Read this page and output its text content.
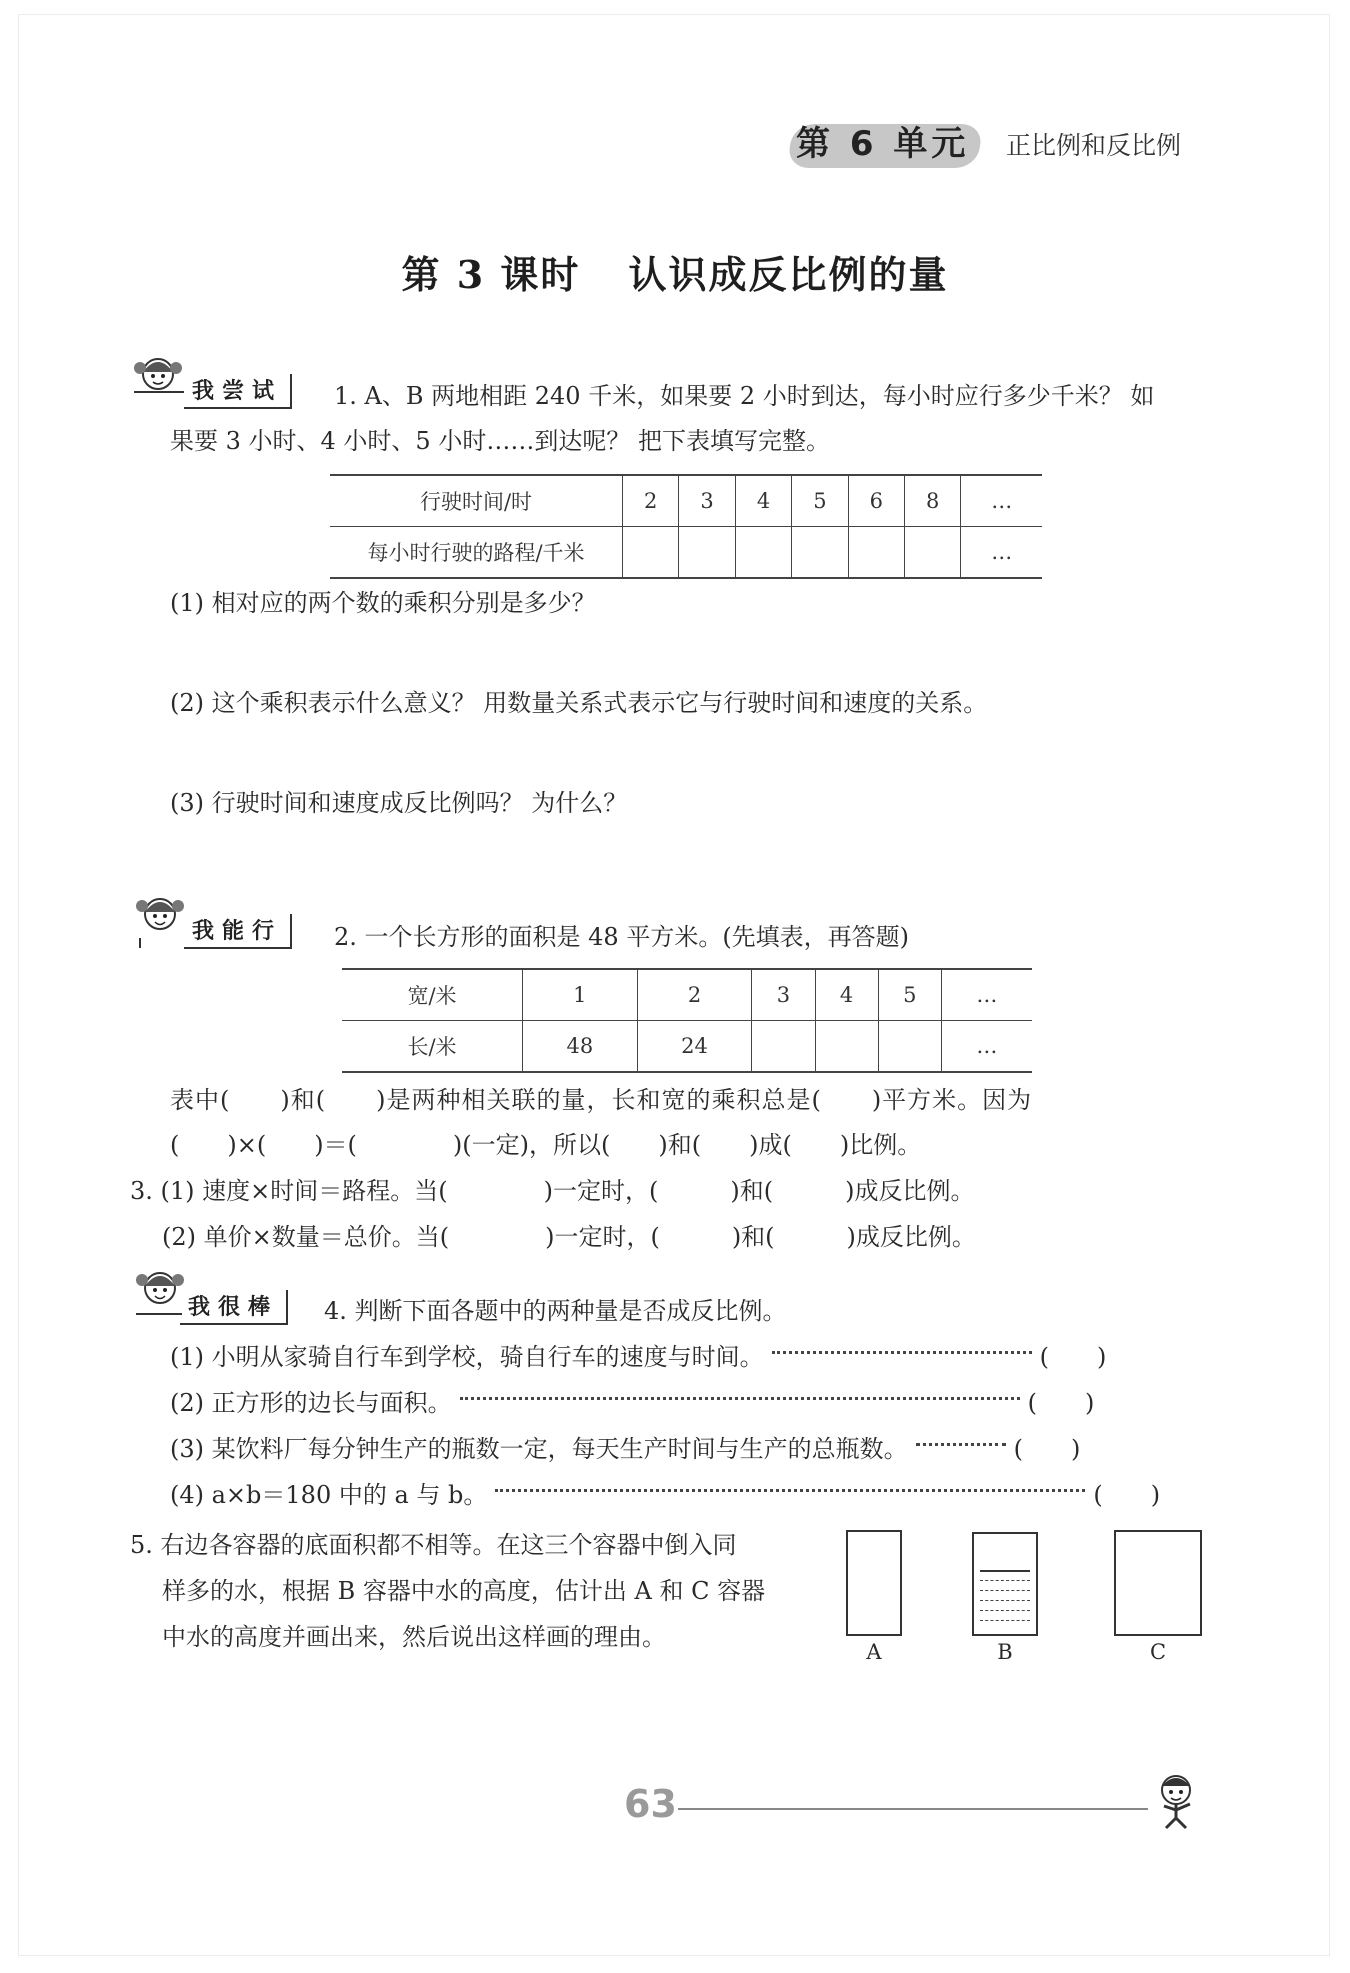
第 6 单元 正比例和反比例
第 3 课时 认识成反比例的量
我尝试	1. A、B 两地相距 240 千米，如果要 2 小时到达，每小时应行多少千米？ 如
果要 3 小时、4 小时、5 小时……到达呢？ 把下表填写完整。
行驶时间/时	2	3	4	5	6	8	…
每小时行驶的路程/千米							…
(1) 相对应的两个数的乘积分别是多少？
(2) 这个乘积表示什么意义？ 用数量关系式表示它与行驶时间和速度的关系。
(3) 行驶时间和速度成反比例吗？ 为什么？
我能行	2. 一个长方形的面积是 48 平方米。(先填表，再答题)
宽/米	1	2	3	4	5	…
长/米	48	24				…
表中(　　)和(　　)是两种相关联的量，长和宽的乘积总是(　　)平方米。因为
(　　)×(　　)＝(　　　　)(一定)，所以(　　)和(　　)成(　　)比例。
3. (1) 速度×时间＝路程。当(　　　　)一定时，(　　　)和(　　　)成反比例。
(2) 单价×数量＝总价。当(　　　　)一定时，(　　　)和(　　　)成反比例。
我很棒	4. 判断下面各题中的两种量是否成反比例。
(1) 小明从家骑自行车到学校，骑自行车的速度与时间。	(　　)
(2) 正方形的边长与面积。	(　　)
(3) 某饮料厂每分钟生产的瓶数一定，每天生产时间与生产的总瓶数。	(　　)
(4) a×b＝180 中的 a 与 b。	(　　)
5. 右边各容器的底面积都不相等。在这三个容器中倒入同
样多的水，根据 B 容器中水的高度，估计出 A 和 C 容器
中水的高度并画出来，然后说出这样画的理由。
A	B	C
63
